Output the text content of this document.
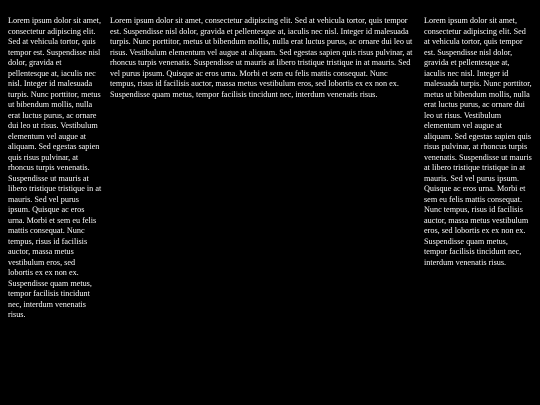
Lorem ipsum dolor sit amet, consectetur adipiscing elit. Sed at vehicula tortor, quis tempor est. Suspendisse nisl dolor, gravida et pellentesque at, iaculis nec nisl. Integer id malesuada turpis. Nunc porttitor, metus ut bibendum mollis, nulla erat luctus purus, ac ornare dui leo ut risus. Vestibulum elementum vel augue at aliquam. Sed egestas sapien quis risus pulvinar, at rhoncus turpis venenatis. Suspendisse ut mauris at libero tristique tristique in at mauris. Sed vel purus ipsum. Quisque ac eros urna. Morbi et sem eu felis mattis consequat. Nunc tempus, risus id facilisis auctor, massa metus vestibulum eros, sed lobortis ex ex non ex. Suspendisse quam metus, tempor facilisis tincidunt nec, interdum venenatis risus.

Lorem ipsum dolor sit amet, consectetur adipiscing elit. Sed at vehicula tortor, quis tempor est. Suspendisse nisl dolor, gravida et pellentesque at, iaculis nec nisl. Integer id malesuada turpis. Nunc porttitor, metus ut bibendum mollis, nulla erat luctus purus, ac ornare dui leo ut risus. Vestibulum elementum vel augue at aliquam. Sed egestas sapien quis risus pulvinar, at rhoncus turpis venenatis. Suspendisse ut mauris at libero tristique tristique in at mauris. Sed vel purus ipsum. Quisque ac eros urna. Morbi et sem eu felis mattis consequat. Nunc tempus, risus id facilisis auctor, massa metus vestibulum eros, sed lobortis ex ex non ex. Suspendisse quam metus, tempor facilisis tincidunt nec, interdum venenatis risus.

Lorem ipsum dolor sit amet, consectetur adipiscing elit. Sed at vehicula tortor, quis tempor est. Suspendisse nisl dolor, gravida et pellentesque at, iaculis nec nisl. Integer id malesuada turpis. Nunc porttitor, metus ut bibendum mollis, nulla erat luctus purus, ac ornare dui leo ut risus. Vestibulum elementum vel augue at aliquam. Sed egestas sapien quis risus pulvinar, at rhoncus turpis venenatis. Suspendisse ut mauris at libero tristique tristique in at mauris. Sed vel purus ipsum. Quisque ac eros urna. Morbi et sem eu felis mattis consequat. Nunc tempus, risus id facilisis auctor, massa metus vestibulum eros, sed lobortis ex ex non ex. Suspendisse quam metus, tempor facilisis tincidunt nec, interdum venenatis risus.
